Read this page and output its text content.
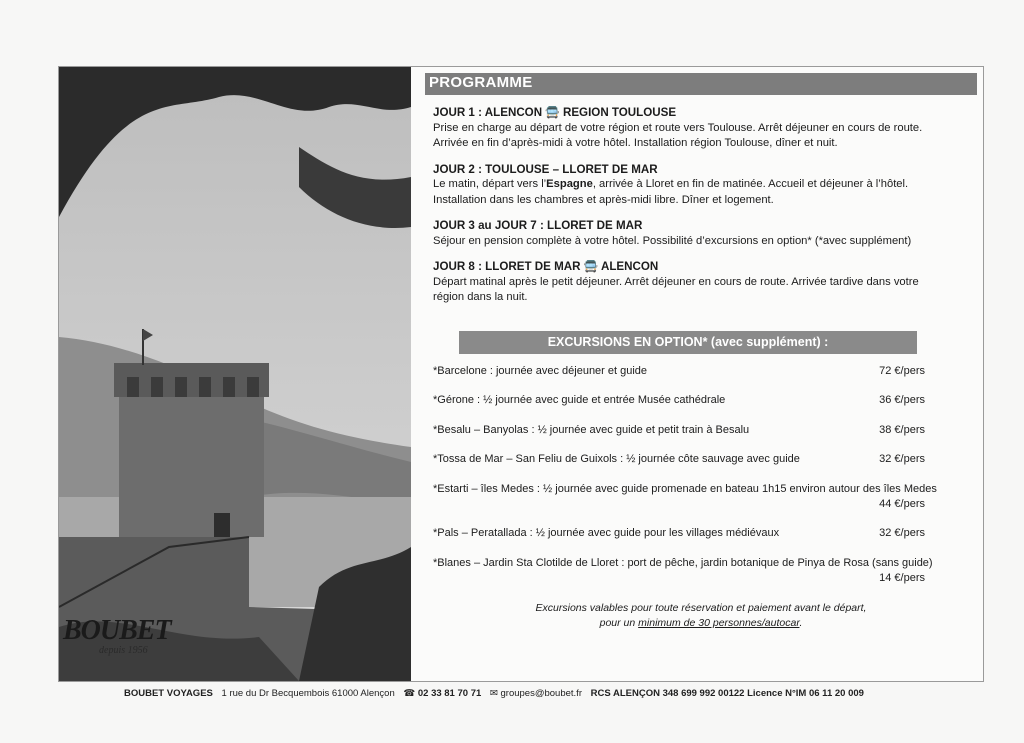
BOUBET
depuis 1956
PROGRAMME
JOUR 1 : ALENCON 🚍 REGION TOULOUSE
Prise en charge au départ de votre région et route vers Toulouse. Arrêt déjeuner en cours de route.
Arrivée en fin d’après-midi à votre hôtel. Installation région Toulouse, dîner et nuit.
JOUR 2 : TOULOUSE – LLORET DE MAR
Le matin, départ vers l’Espagne, arrivée à Lloret en fin de matinée. Accueil et déjeuner à l’hôtel.
Installation dans les chambres et après-midi libre. Dîner et logement.
JOUR 3 au JOUR 7 : LLORET DE MAR
Séjour en pension complète à votre hôtel. Possibilité d’excursions en option* (*avec supplément)
JOUR 8 : LLORET DE MAR 🚍 ALENCON
Départ matinal après le petit déjeuner. Arrêt déjeuner en cours de route. Arrivée tardive dans votre
région dans la nuit.
EXCURSIONS EN OPTION* (avec supplément) :
*Barcelone : journée avec déjeuner et guide	72 €/pers
*Gérone : ½ journée avec guide et entrée Musée cathédrale	36 €/pers
*Besalu – Banyolas : ½ journée avec guide et petit train à Besalu	38 €/pers
*Tossa de Mar – San Feliu de Guixols : ½ journée côte sauvage avec guide	32 €/pers
*Estarti – îles Medes : ½ journée avec guide promenade en bateau 1h15 environ autour des îles Medes
44 €/pers
*Pals – Peratallada : ½ journée avec guide pour les villages médiévaux	32 €/pers
*Blanes – Jardin Sta Clotilde de Lloret : port de pêche, jardin botanique de Pinya de Rosa (sans guide)
14 €/pers
Excursions valables pour toute réservation et paiement avant le départ,
pour un minimum de 30 personnes/autocar.
BOUBET VOYAGES 1 rue du Dr Becquembois 61000 Alençon ☎ 02 33 81 70 71 ✉ groupes@boubet.fr RCS ALENÇON 348 699 992 00122 Licence N°IM 06 11 20 009
